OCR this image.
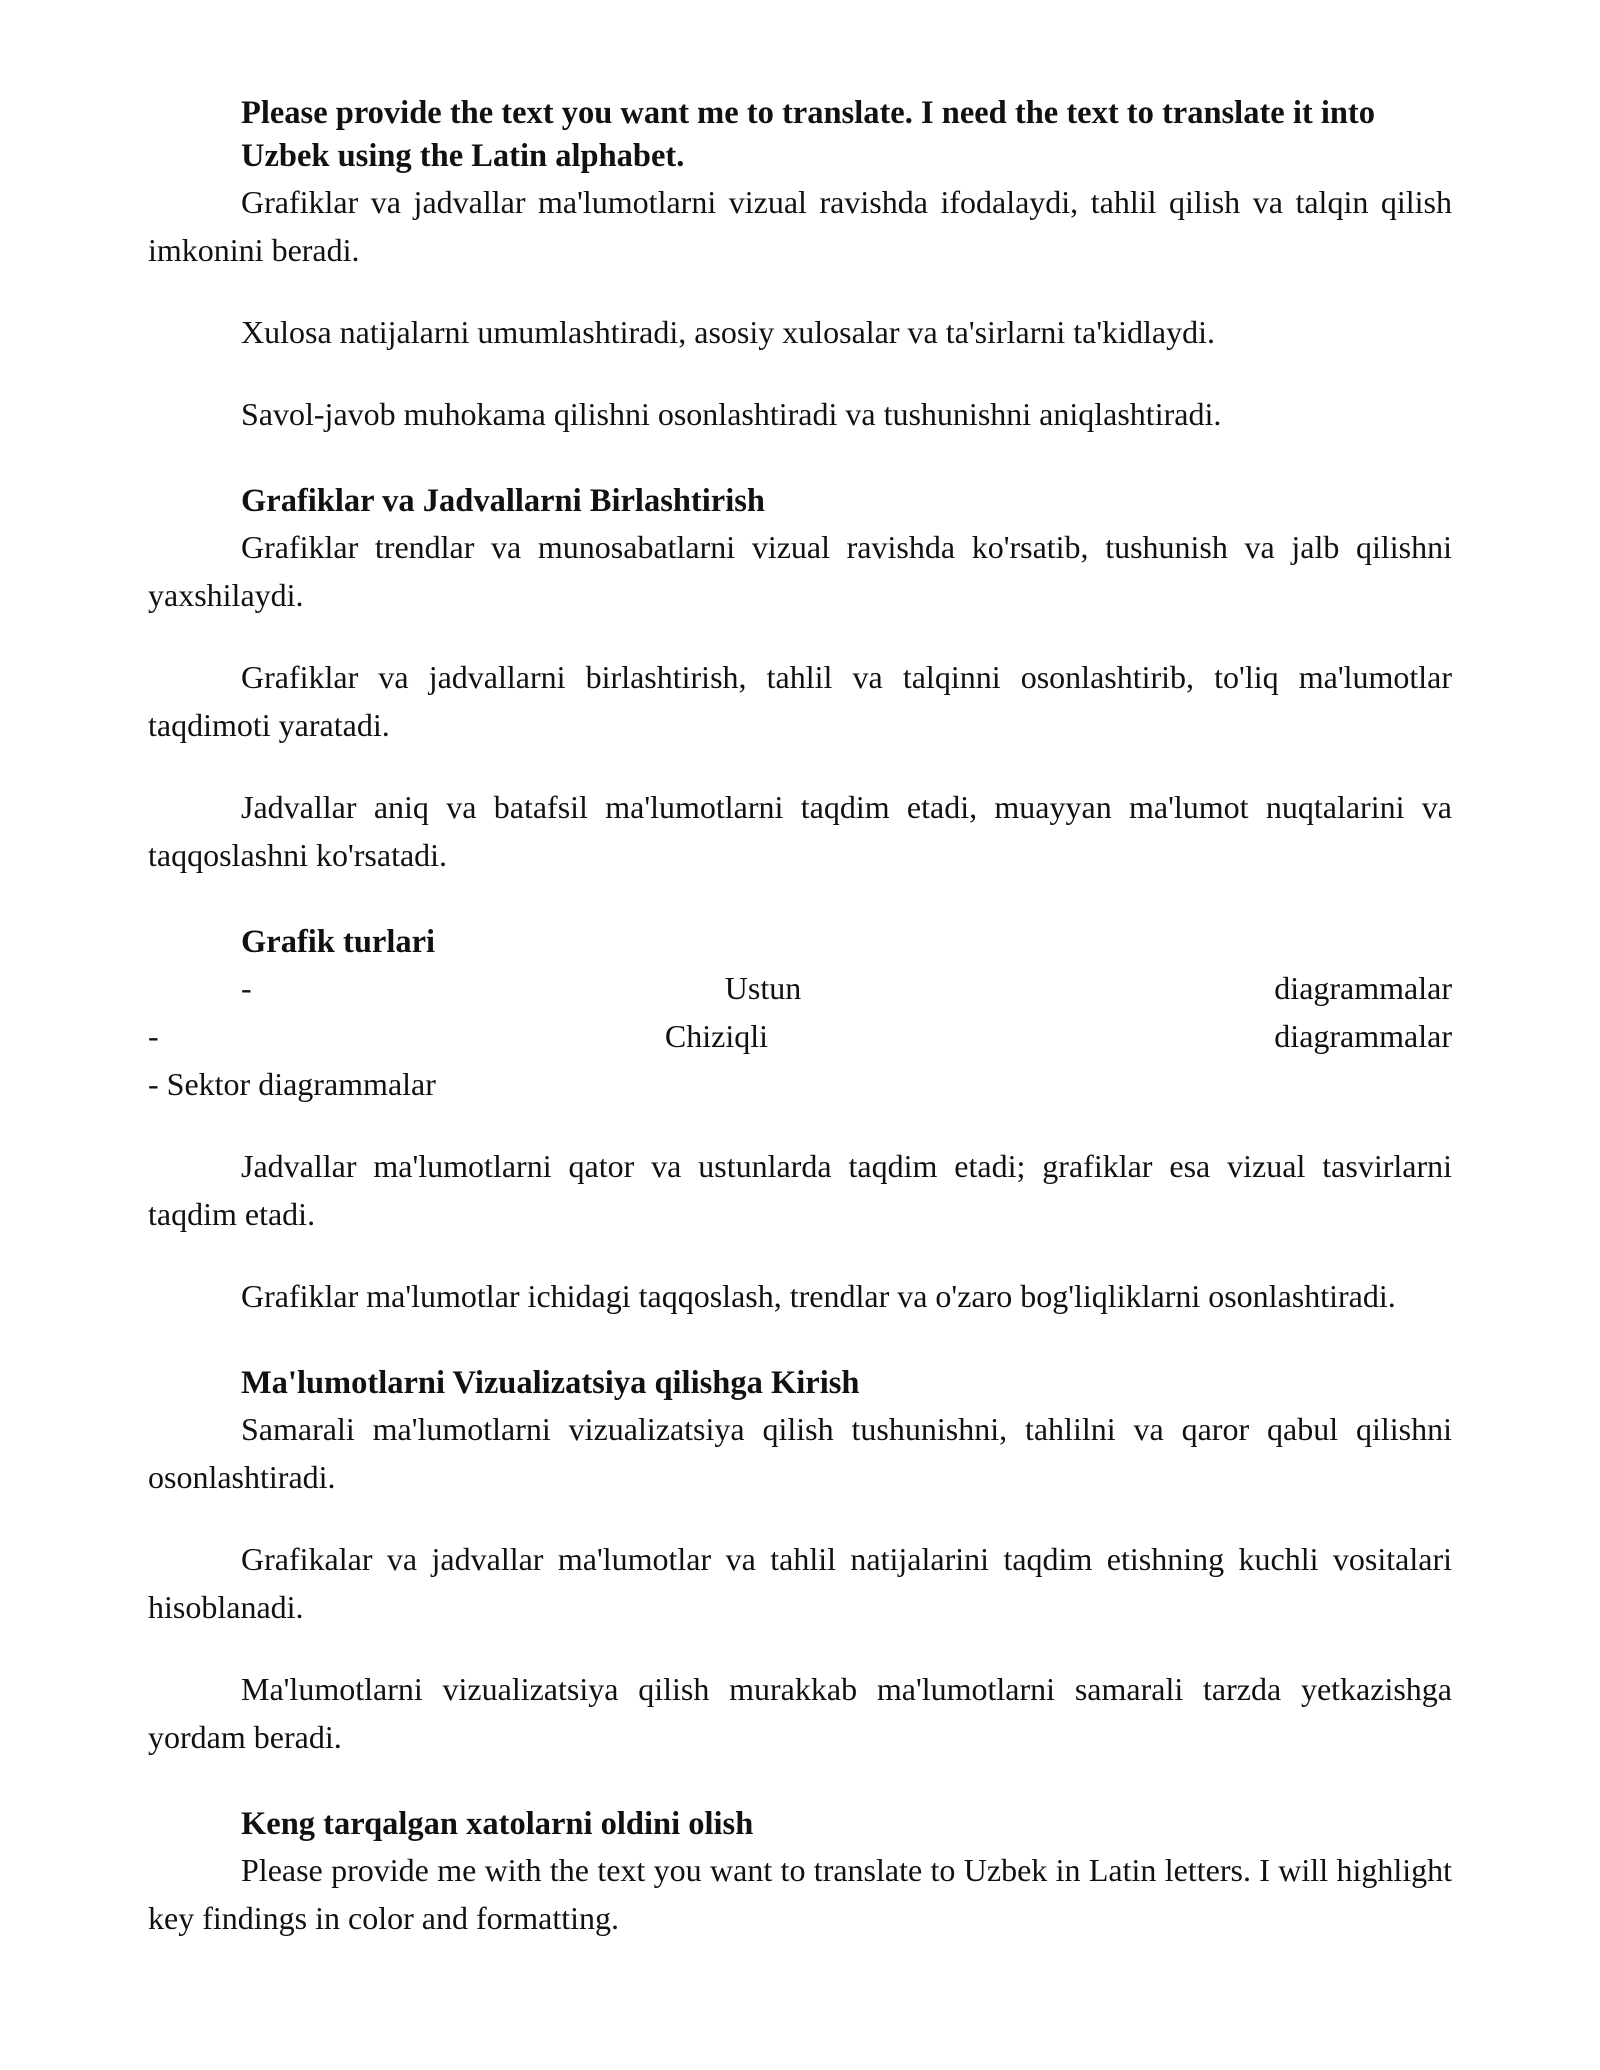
Please provide the text you want me to translate. I need the text to translate it into Uzbek using the Latin alphabet.

Grafiklar va jadvallar ma'lumotlarni vizual ravishda ifodalaydi, tahlil qilish va talqin qilish imkonini beradi.

Xulosa natijalarni umumlashtiradi, asosiy xulosalar va ta'sirlarni ta'kidlaydi.

Savol-javob muhokama qilishni osonlashtiradi va tushunishni aniqlashtiradi.

Grafiklar va Jadvallarni Birlashtirish

Grafiklar trendlar va munosabatlarni vizual ravishda ko'rsatib, tushunish va jalb qilishni yaxshilaydi.

Grafiklar va jadvallarni birlashtirish, tahlil va talqinni osonlashtirib, to'liq ma'lumotlar taqdimoti yaratadi.

Jadvallar aniq va batafsil ma'lumotlarni taqdim etadi, muayyan ma'lumot nuqtalarini va taqqoslashni ko'rsatadi.

Grafik turlari
-	Ustun	diagrammalar
-	Chiziqli	diagrammalar
- Sektor diagrammalar

Jadvallar ma'lumotlarni qator va ustunlarda taqdim etadi; grafiklar esa vizual tasvirlarni taqdim etadi.

Grafiklar ma'lumotlar ichidagi taqqoslash, trendlar va o'zaro bog'liqliklarni osonlashtiradi.

Ma'lumotlarni Vizualizatsiya qilishga Kirish

Samarali ma'lumotlarni vizualizatsiya qilish tushunishni, tahlilni va qaror qabul qilishni osonlashtiradi.

Grafikalar va jadvallar ma'lumotlar va tahlil natijalarini taqdim etishning kuchli vositalari hisoblanadi.

Ma'lumotlarni vizualizatsiya qilish murakkab ma'lumotlarni samarali tarzda yetkazishga yordam beradi.

Keng tarqalgan xatolarni oldini olish

Please provide me with the text you want to translate to Uzbek in Latin letters. I will highlight key findings in color and formatting.
